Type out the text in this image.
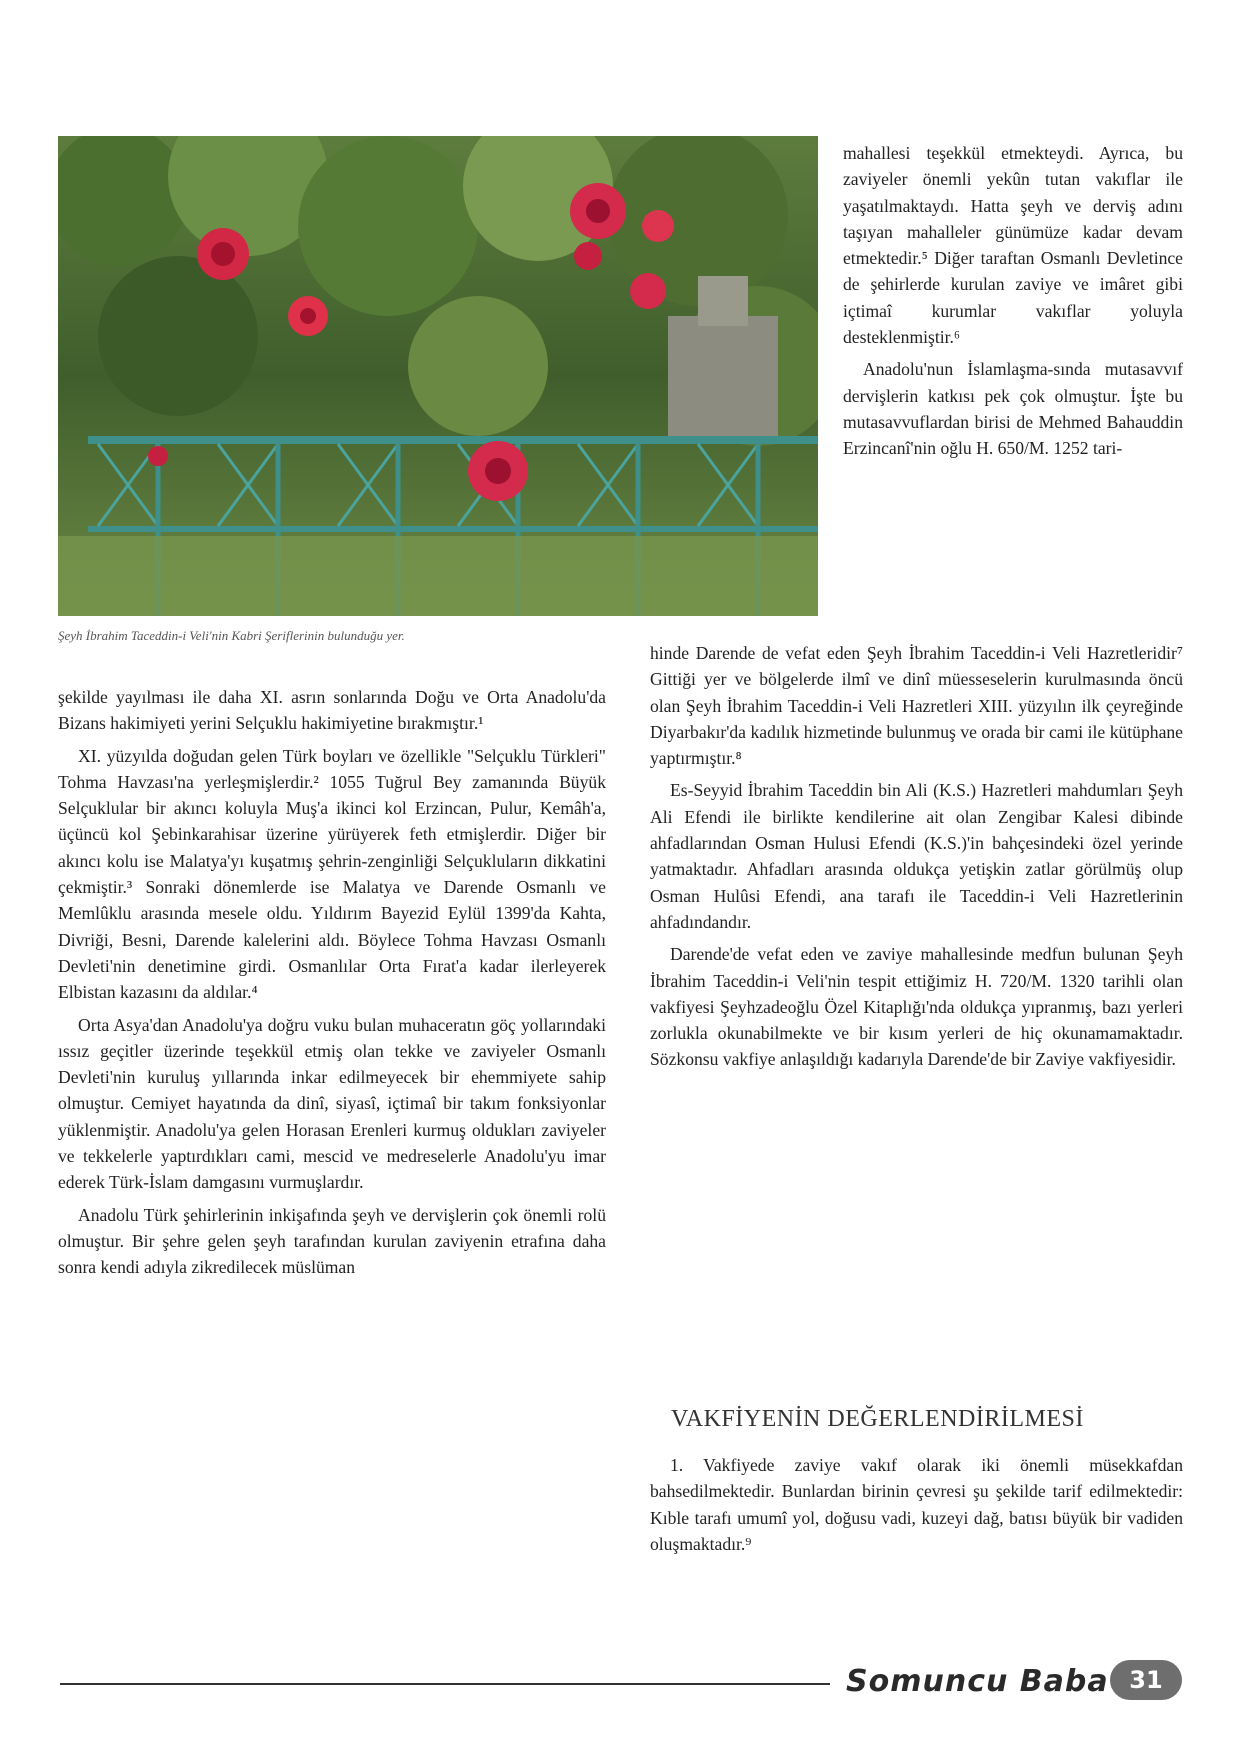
Şeyh İbrahim Taceddin-i Veli'nin Kabri Şeriflerinin bulunduğu yer.

mahallesi teşekkül etmekteydi. Ayrıca, bu zaviyeler önemli yekûn tutan vakıflar ile yaşatılmaktaydı. Hatta şeyh ve derviş adını taşıyan mahalleler günümüze kadar devam etmektedir.⁵ Diğer taraftan Osmanlı Devletince de şehirlerde kurulan zaviye ve imâret gibi içtimaî kurumlar vakıflar yoluyla desteklenmiştir.⁶

Anadolu'nun İslamlaşma-sında mutasavvıf dervişlerin katkısı pek çok olmuştur. İşte bu mutasavvuflardan birisi de Mehmed Bahauddin Erzincanî'nin oğlu H. 650/M. 1252 tari-

şekilde yayılması ile daha XI. asrın sonlarında Doğu ve Orta Anadolu'da Bizans hakimiyeti yerini Selçuklu hakimiyetine bırakmıştır.¹

XI. yüzyılda doğudan gelen Türk boyları ve özellikle "Selçuklu Türkleri" Tohma Havzası'na yerleşmişlerdir.² 1055 Tuğrul Bey zamanında Büyük Selçuklular bir akıncı koluyla Muş'a ikinci kol Erzincan, Pulur, Kemâh'a, üçüncü kol Şebinkarahisar üzerine yürüyerek feth etmişlerdir. Diğer bir akıncı kolu ise Malatya'yı kuşatmış şehrin-zenginliği Selçukluların dikkatini çekmiştir.³ Sonraki dönemlerde ise Malatya ve Darende Osmanlı ve Memlûklu arasında mesele oldu. Yıldırım Bayezid Eylül 1399'da Kahta, Divriği, Besni, Darende kalelerini aldı. Böylece Tohma Havzası Osmanlı Devleti'nin denetimine girdi. Osmanlılar Orta Fırat'a kadar ilerleyerek Elbistan kazasını da aldılar.⁴

Orta Asya'dan Anadolu'ya doğru vuku bulan muhaceratın göç yollarındaki ıssız geçitler üzerinde teşekkül etmiş olan tekke ve zaviyeler Osmanlı Devleti'nin kuruluş yıllarında inkar edilmeyecek bir ehemmiyete sahip olmuştur. Cemiyet hayatında da dinî, siyasî, içtimaî bir takım fonksiyonlar yüklenmiştir. Anadolu'ya gelen Horasan Erenleri kurmuş oldukları zaviyeler ve tekkelerle yaptırdıkları cami, mescid ve medreselerle Anadolu'yu imar ederek Türk-İslam damgasını vurmuşlardır.

Anadolu Türk şehirlerinin inkişafında şeyh ve dervişlerin çok önemli rolü olmuştur. Bir şehre gelen şeyh tarafından kurulan zaviyenin etrafına daha sonra kendi adıyla zikredilecek müslüman

hinde Darende de vefat eden Şeyh İbrahim Taceddin-i Veli Hazretleridir⁷ Gittiği yer ve bölgelerde ilmî ve dinî müesseselerin kurulmasında öncü olan Şeyh İbrahim Taceddin-i Veli Hazretleri XIII. yüzyılın ilk çeyreğinde Diyarbakır'da kadılık hizmetinde bulunmuş ve orada bir cami ile kütüphane yaptırmıştır.⁸

Es-Seyyid İbrahim Taceddin bin Ali (K.S.) Hazretleri mahdumları Şeyh Ali Efendi ile birlikte kendilerine ait olan Zengibar Kalesi dibinde ahfadlarından Osman Hulusi Efendi (K.S.)'in bahçesindeki özel yerinde yatmaktadır. Ahfadları arasında oldukça yetişkin zatlar görülmüş olup Osman Hulûsi Efendi, ana tarafı ile Taceddin-i Veli Hazretlerinin ahfadındandır.

Darende'de vefat eden ve zaviye mahallesinde medfun bulunan Şeyh İbrahim Taceddin-i Veli'nin tespit ettiğimiz H. 720/M. 1320 tarihli olan vakfiyesi Şeyhzadeoğlu Özel Kitaplığı'nda oldukça yıpranmış, bazı yerleri zorlukla okunabilmekte ve bir kısım yerleri de hiç okunamamaktadır. Sözkonsu vakfiye anlaşıldığı kadarıyla Darende'de bir Zaviye vakfiyesidir.

VAKFİYENİN DEĞERLENDİRİLMESİ

1. Vakfiyede zaviye vakıf olarak iki önemli müsekkafdan bahsedilmektedir. Bunlardan birinin çevresi şu şekilde tarif edilmektedir: Kıble tarafı umumî yol, doğusu vadi, kuzeyi dağ, batısı büyük bir vadiden oluşmaktadır.⁹

Somuncu Baba 31
